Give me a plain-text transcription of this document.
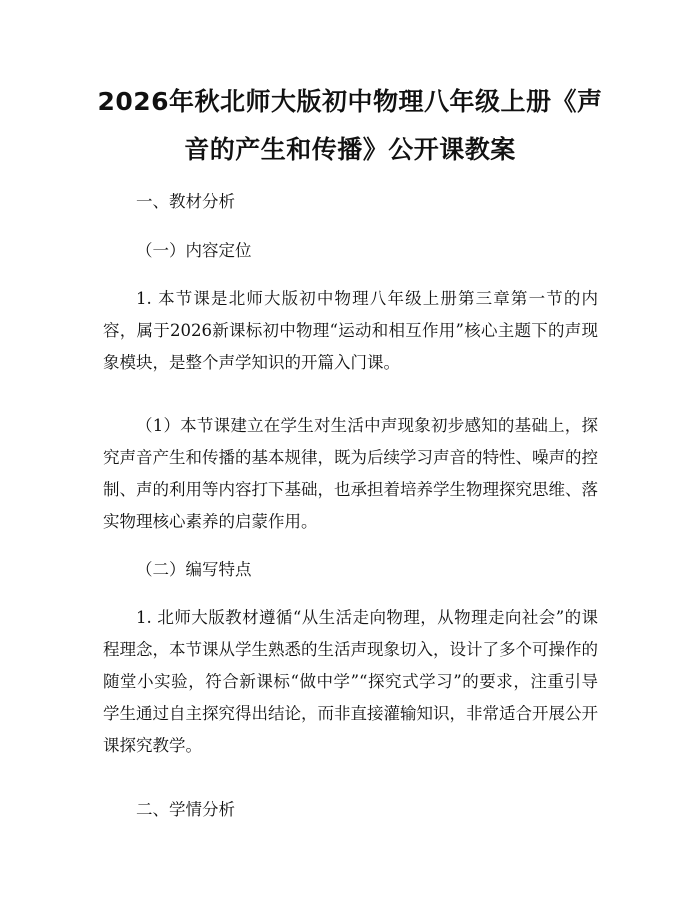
2026年秋北师大版初中物理八年级上册《声音的产生和传播》公开课教案

一、教材分析

（一）内容定位

1. 本节课是北师大版初中物理八年级上册第三章第一节的内容，属于2026新课标初中物理“运动和相互作用”核心主题下的声现象模块，是整个声学知识的开篇入门课。

（1）本节课建立在学生对生活中声现象初步感知的基础上，探究声音产生和传播的基本规律，既为后续学习声音的特性、噪声的控制、声的利用等内容打下基础，也承担着培养学生物理探究思维、落实物理核心素养的启蒙作用。

（二）编写特点

1. 北师大版教材遵循“从生活走向物理，从物理走向社会”的课程理念，本节课从学生熟悉的生活声现象切入，设计了多个可操作的随堂小实验，符合新课标“做中学”“探究式学习”的要求，注重引导学生通过自主探究得出结论，而非直接灌输知识，非常适合开展公开课探究教学。

二、学情分析
